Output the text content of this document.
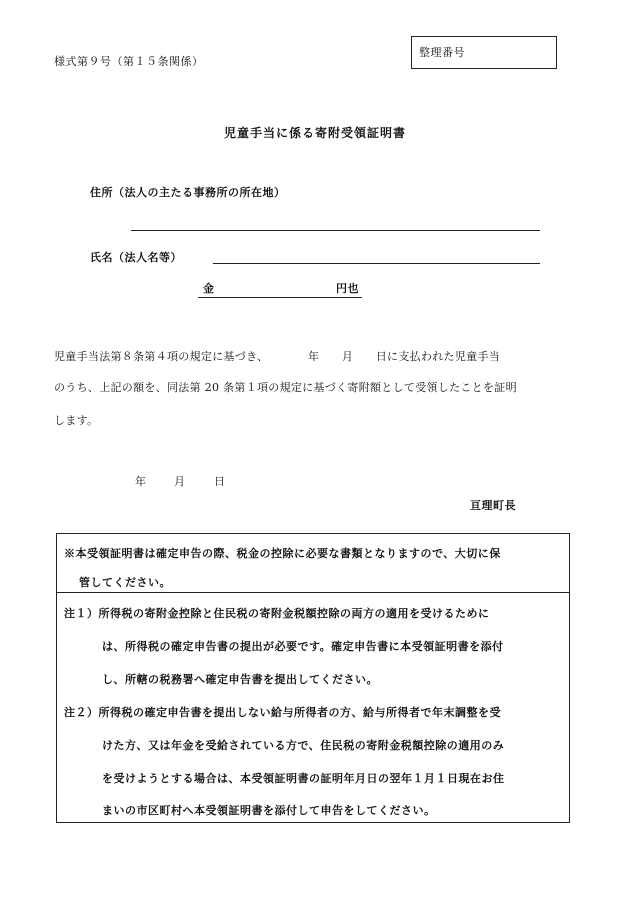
様式第９号（第１５条関係）
整理番号
児童手当に係る寄附受領証明書
住所（法人の主たる事務所の所在地）
氏名（法人名等）
金	円也
児童手当法第８条第４項の規定に基づき、　　　　年　　月　　日に支払われた児童手当
のうち、上記の額を、同法第 20 条第１項の規定に基づく寄附額として受領したことを証明
します。
年	月	日
亘理町長
※本受領証明書は確定申告の際、税金の控除に必要な書類となりますので、大切に保
管してください。
注１）所得税の寄附金控除と住民税の寄附金税額控除の両方の適用を受けるために
は、所得税の確定申告書の提出が必要です。確定申告書に本受領証明書を添付
し、所轄の税務署へ確定申告書を提出してください。
注２）所得税の確定申告書を提出しない給与所得者の方、給与所得者で年末調整を受
けた方、又は年金を受給されている方で、住民税の寄附金税額控除の適用のみ
を受けようとする場合は、本受領証明書の証明年月日の翌年１月１日現在お住
まいの市区町村へ本受領証明書を添付して申告をしてください。
